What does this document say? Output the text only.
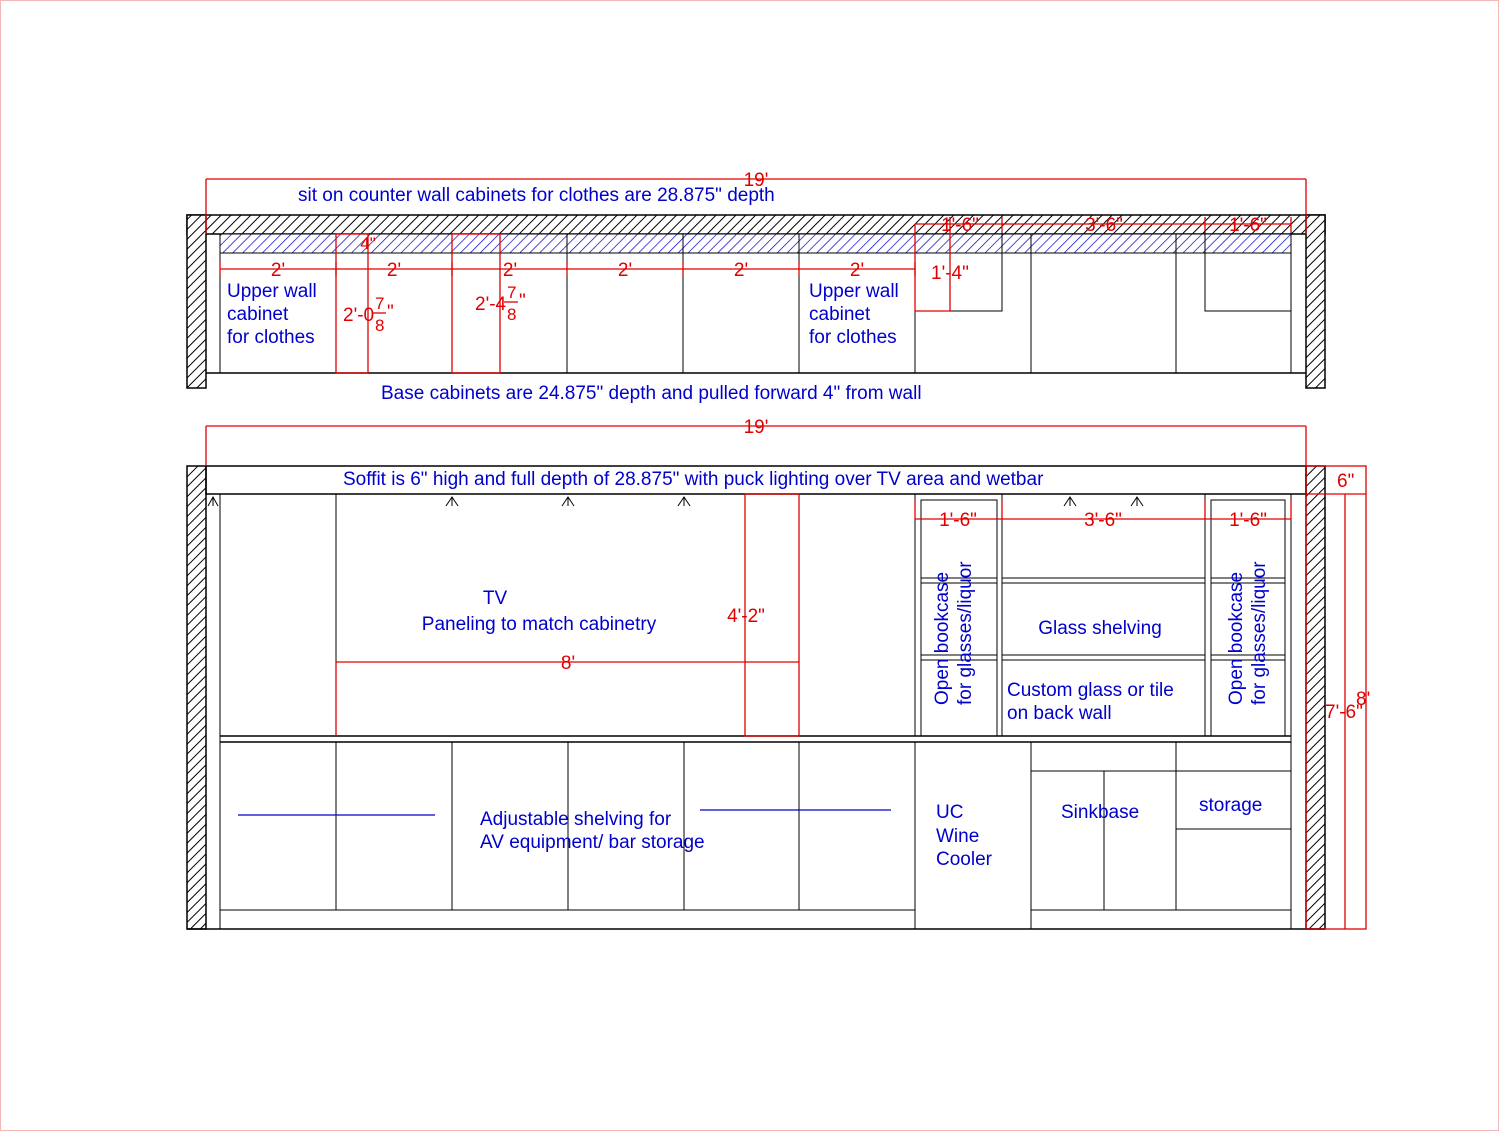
19'
sit on counter wall cabinets for clothes are 28.875" depth
Base cabinets are 24.875" depth and pulled forward 4" from wall
4"
2'	2'	2'	2'	2'	2'
2'-0
7
8
"	2'-4
7
8
"
1'-6"	3'-6"	1'-6"
1'-4"
Upper wall cabinet for clothes
Upper wall cabinet for clothes
19'
Soffit is 6" high and full depth of 28.875" with puck lighting over TV area and wetbar	6"
7'-6"
8'
TV
Paneling to match cabinetry
8'
4'-2"
1'-6"	3'-6"	1'-6"
Open bookcase for glasses/liquor	Open bookcase for glasses/liquor
Glass shelving
Custom glass or tile on back wall
Adjustable shelving for AV equipment/ bar storage
UC Wine Cooler
Sinkbase	storage
